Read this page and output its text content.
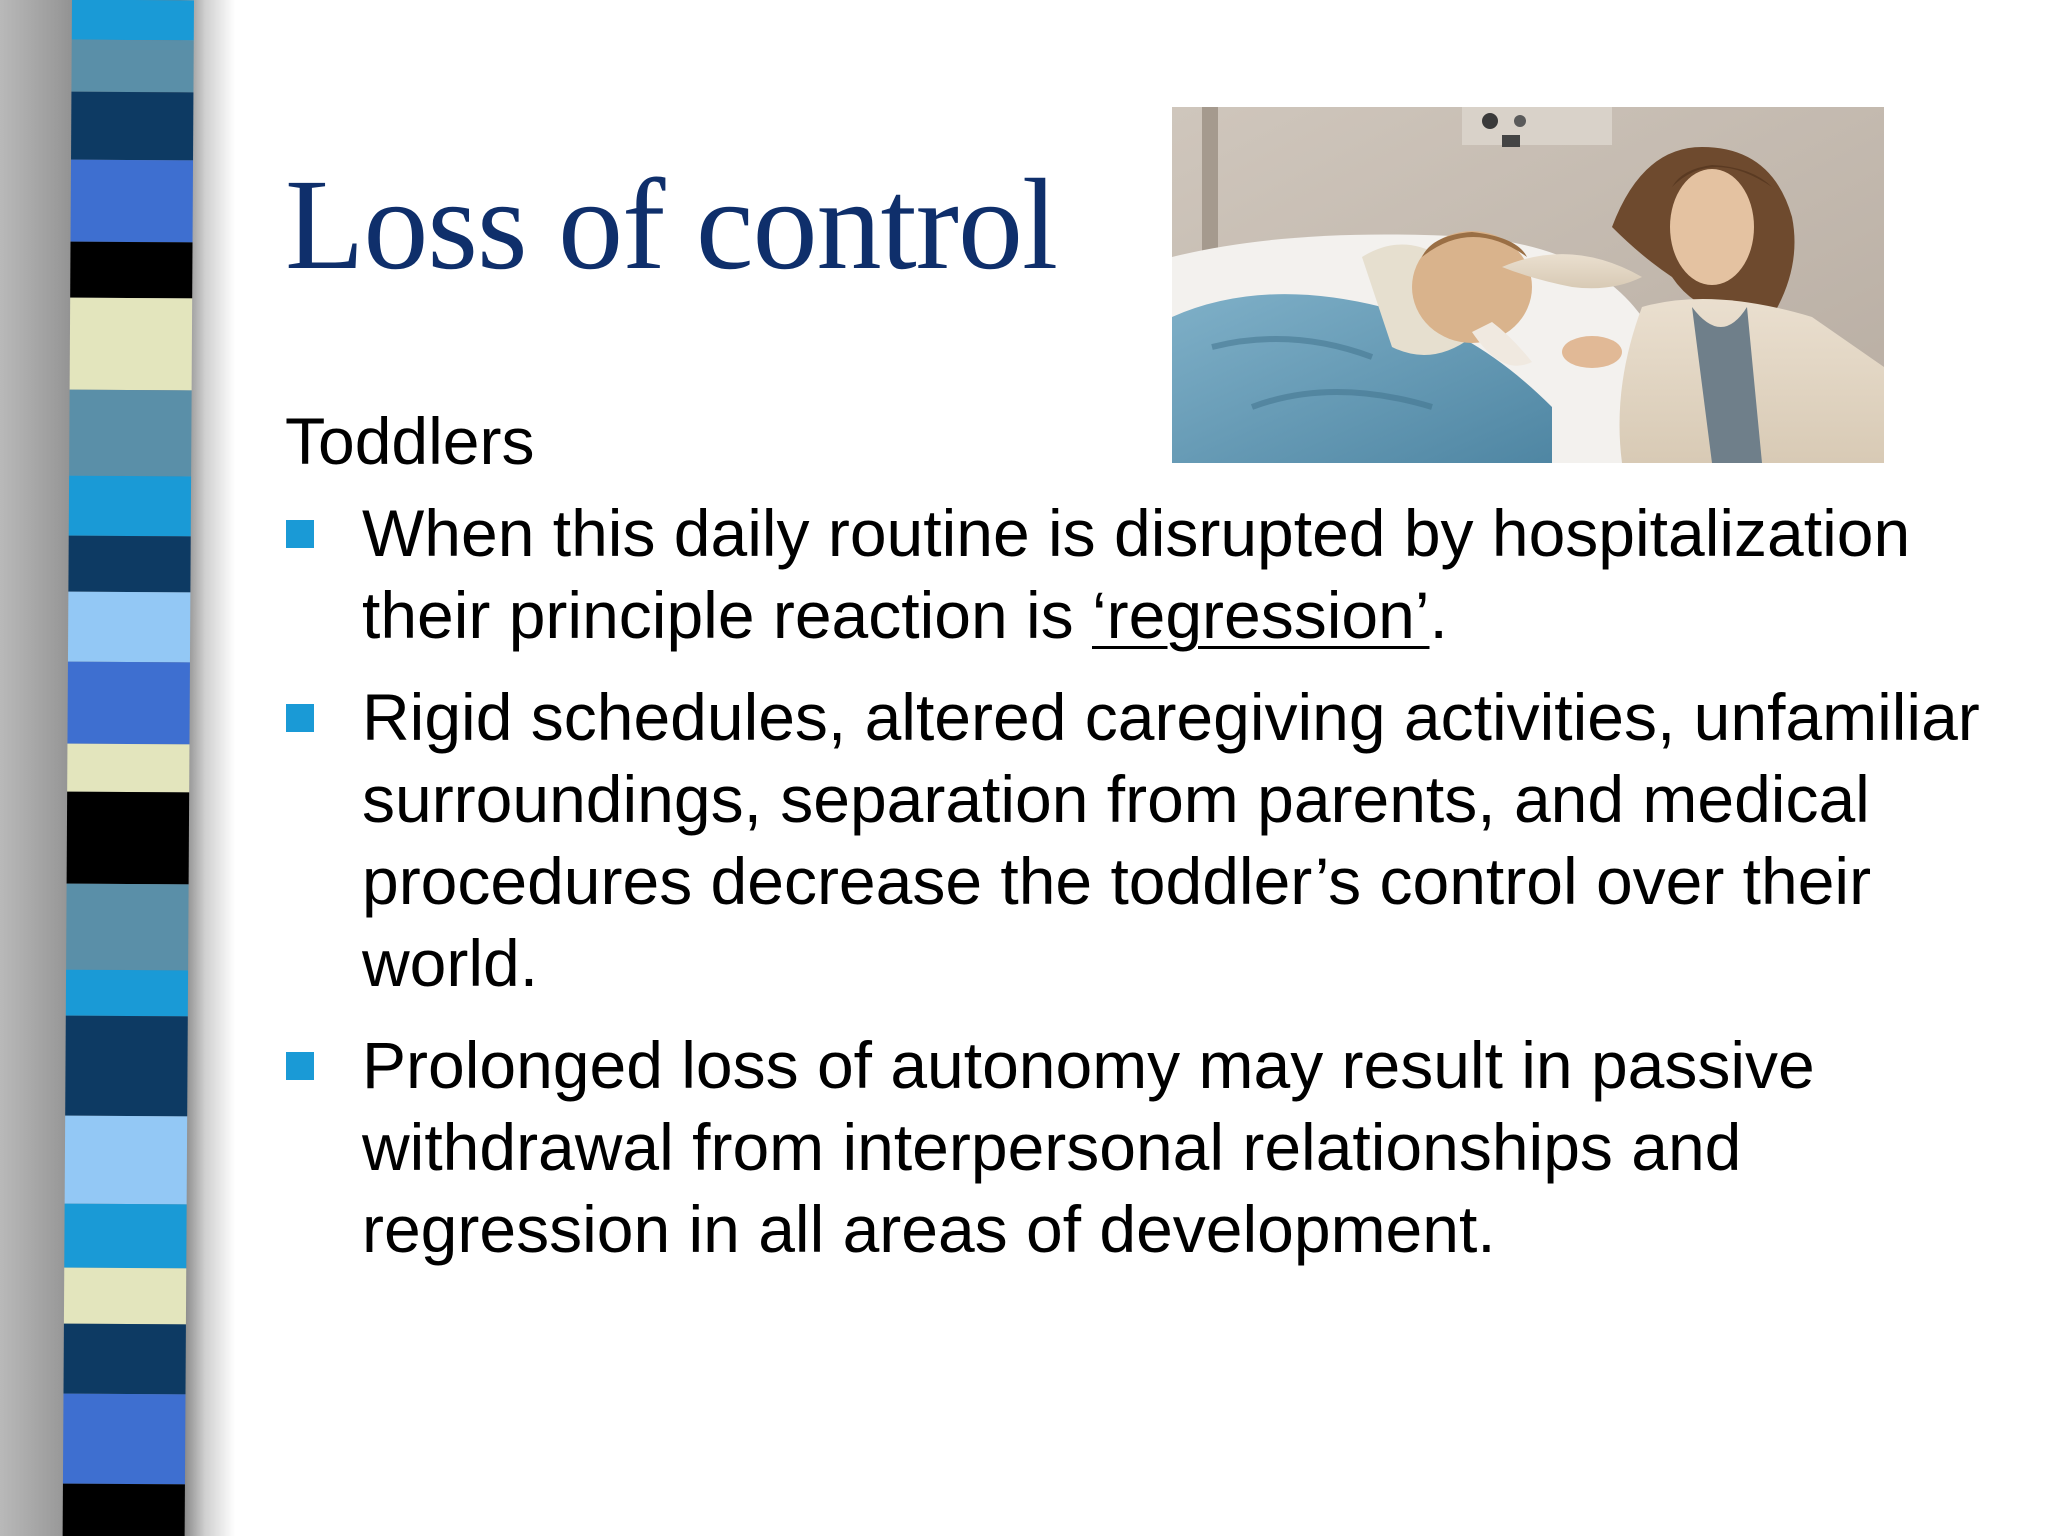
Loss of control

Toddlers

When this daily routine is disrupted by hospitalization their principle reaction is ‘regression’.

Rigid schedules, altered caregiving activities, unfamiliar surroundings, separation from parents, and medical procedures decrease the toddler’s control over their world.

Prolonged loss of autonomy may result in passive withdrawal from interpersonal relationships and regression in all areas of development.
